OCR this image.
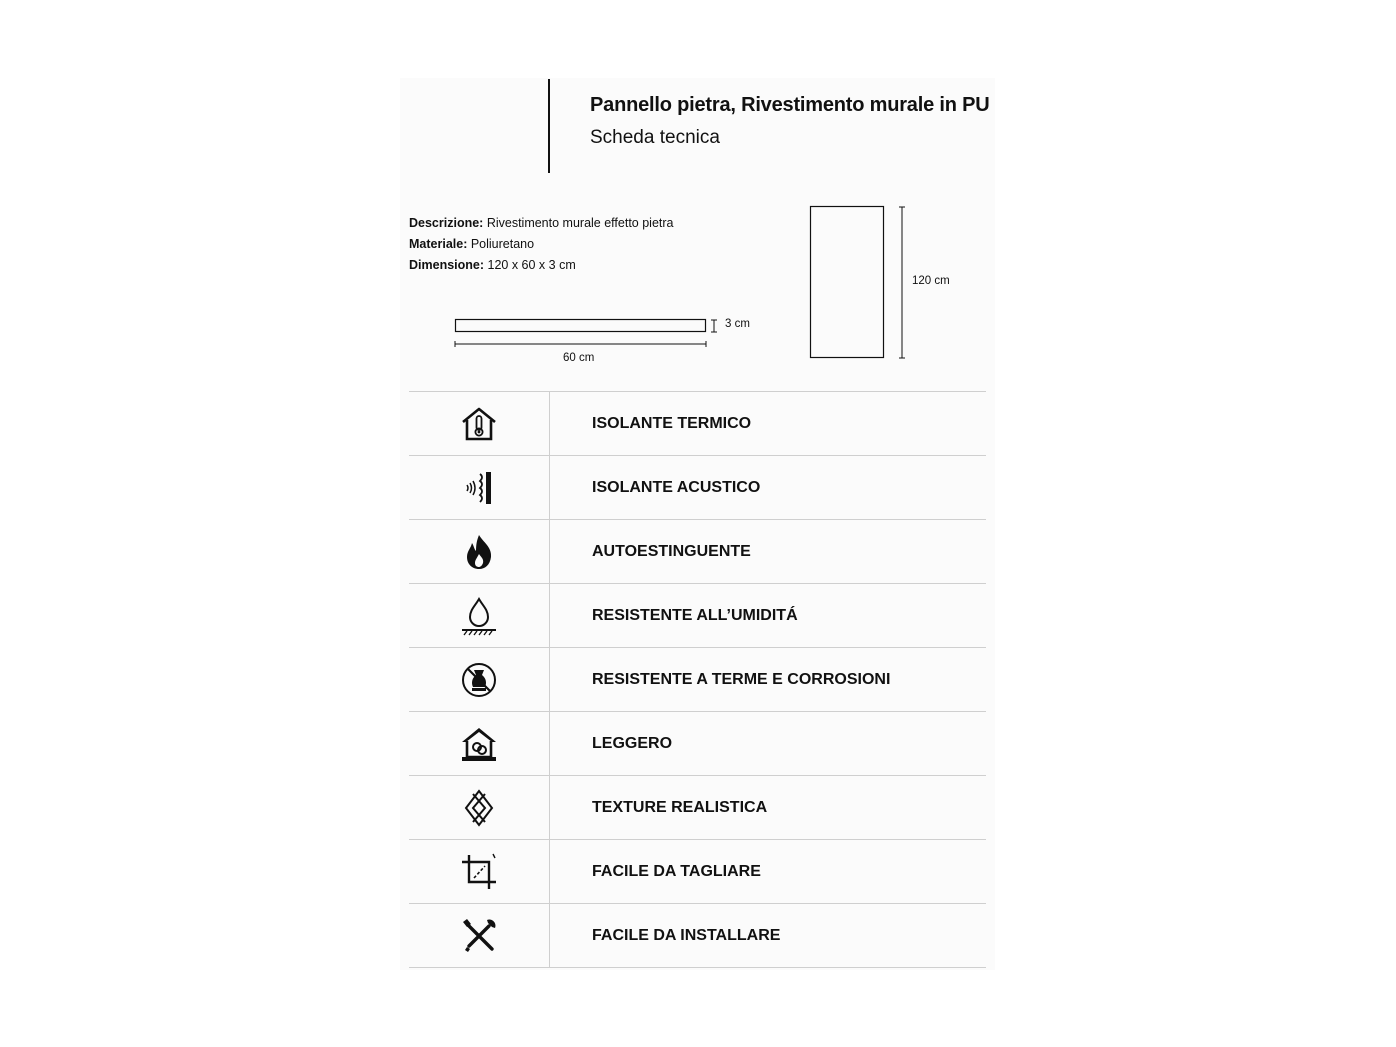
Pannello pietra, Rivestimento murale in PU
Scheda tecnica
Descrizione: Rivestimento murale effetto pietra
Materiale: Poliuretano
Dimensione: 120 x 60 x 3 cm
3 cm
60 cm
120 cm
ISOLANTE TERMICO
ISOLANTE ACUSTICO
AUTOESTINGUENTE
RESISTENTE ALL’UMIDITÁ
RESISTENTE A TERME E CORROSIONI
LEGGERO
TEXTURE REALISTICA
FACILE DA TAGLIARE
FACILE DA INSTALLARE
